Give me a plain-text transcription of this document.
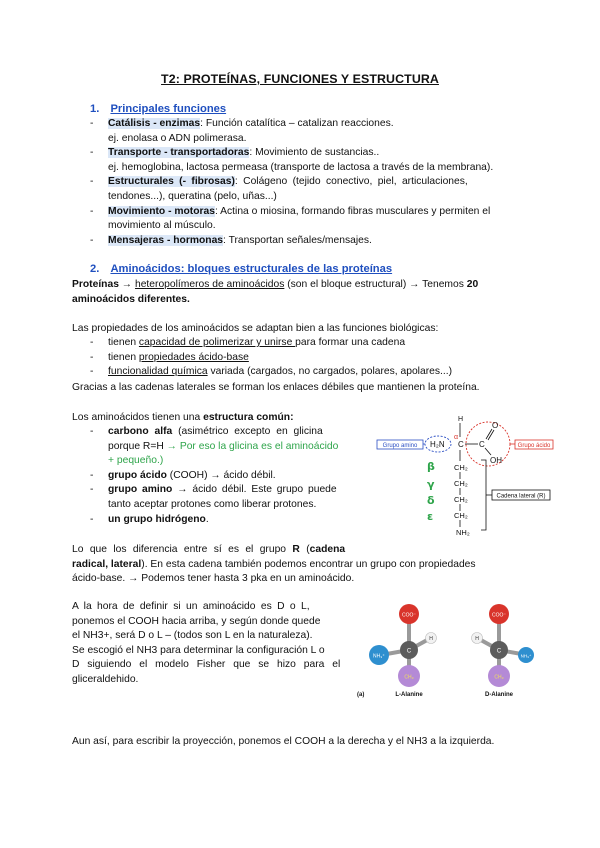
T2: PROTEÍNAS, FUNCIONES Y ESTRUCTURA
1. Principales funciones
- Catálisis - enzimas: Función catalítica – catalizan reacciones.
ej. enolasa o ADN polimerasa.
- Transporte - transportadoras: Movimiento de sustancias..
ej. hemoglobina, lactosa permeasa (transporte de lactosa a través de la membrana).
- Estructurales (- fibrosas): Colágeno (tejido conectivo, piel, articulaciones,
tendones...), queratina (pelo, uñas...)
- Movimiento - motoras: Actina o miosina, formando fibras musculares y permiten el
movimiento al músculo.
- Mensajeras - hormonas: Transportan señales/mensajes.
2. Aminoácidos: bloques estructurales de las proteínas
Proteínas → heteropolímeros de aminoácidos (son el bloque estructural) → Tenemos 20
aminoácidos diferentes.
Las propiedades de los aminoácidos se adaptan bien a las funciones biológicas:
- tienen capacidad de polimerizar y unirse para formar una cadena
- tienen propiedades ácido-base
- funcionalidad química variada (cargados, no cargados, polares, apolares...)
Gracias a las cadenas laterales se forman los enlaces débiles que mantienen la proteína.
Los aminoácidos tienen una estructura común:
- carbono alfa (asimétrico excepto en glicina
porque R=H → Por eso la glicina es el aminoácido
+ pequeño.)
- grupo ácido (COOH) → ácido débil.
- grupo amino → ácido débil. Este grupo puede
tanto aceptar protones como liberar protones.
- un grupo hidrógeno.
Lo que los diferencia entre sí es el grupo R (cadena
radical, lateral). En esta cadena también podemos encontrar un grupo con propiedades
ácido-base. → Podemos tener hasta 3 pka en un aminoácido.
A la hora de definir si un aminoácido es D o L,
ponemos el COOH hacia arriba, y según donde quede
el NH3+, será D o L – (todos son L en la naturaleza).
Se escogió el NH3 para determinar la configuración L o
D siguiendo el modelo Fisher que se hizo para el
gliceraldehido.
Aun así, para escribir la proyección, ponemos el COOH a la derecha y el NH3 a la izquierda.
Grupo amino H₂N
H
α
C C
O
OH
Grupo ácido
β
γ
δ
ε
CH₂
CH₂
CH₂
CH₂
NH₂
Cadena lateral (R)
COO⁻
H
NH₃⁺
C
CH₃
COO⁻
H
NH₃⁺
C
CH₃
(a)	L-Alanine	D-Alanine
